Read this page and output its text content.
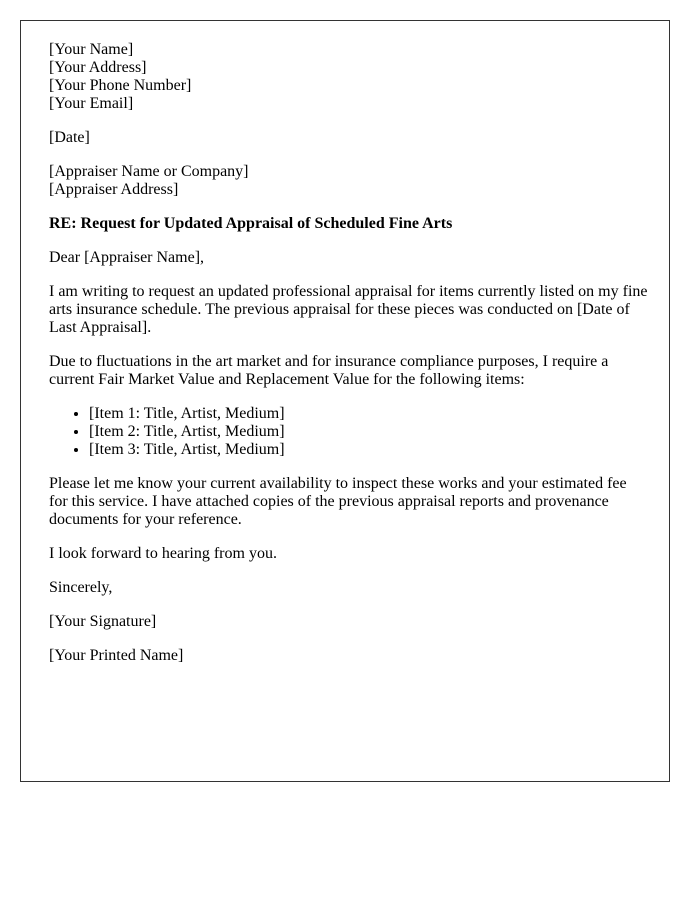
[Your Name]
[Your Address]
[Your Phone Number]
[Your Email]

[Date]

[Appraiser Name or Company]
[Appraiser Address]

RE: Request for Updated Appraisal of Scheduled Fine Arts

Dear [Appraiser Name],

I am writing to request an updated professional appraisal for items currently listed on my fine arts insurance schedule. The previous appraisal for these pieces was conducted on [Date of Last Appraisal].

Due to fluctuations in the art market and for insurance compliance purposes, I require a current Fair Market Value and Replacement Value for the following items:

• [Item 1: Title, Artist, Medium]
• [Item 2: Title, Artist, Medium]
• [Item 3: Title, Artist, Medium]

Please let me know your current availability to inspect these works and your estimated fee for this service. I have attached copies of the previous appraisal reports and provenance documents for your reference.

I look forward to hearing from you.

Sincerely,

[Your Signature]

[Your Printed Name]
